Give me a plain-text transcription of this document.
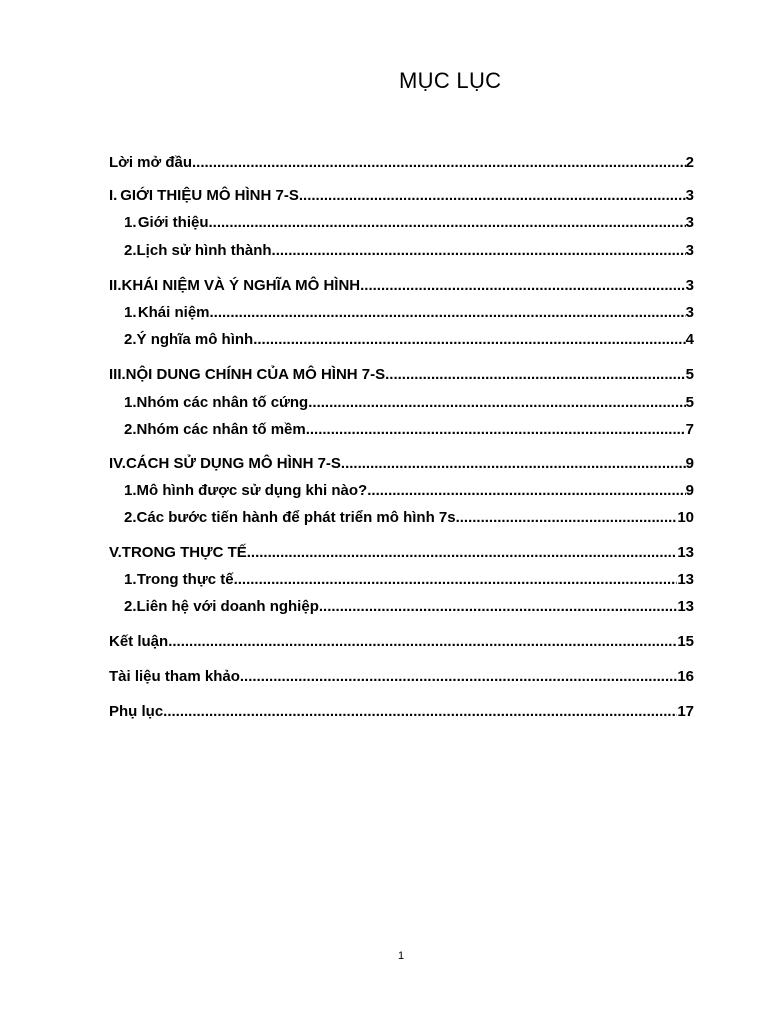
MỤC LỤC
Lời mở đầu .....	2
I. GIỚI THIỆU MÔ HÌNH 7-S .....	3
1. Giới thiệu .....	3
2. Lịch sử hình thành .....	3
II. KHÁI NIỆM VÀ Ý NGHĨA MÔ HÌNH .....	3
1. Khái niệm .....	3
2. Ý nghĩa mô hình .....	4
III. NỘI DUNG CHÍNH CỦA MÔ HÌNH 7-S .....	5
1. Nhóm các nhân tố cứng .....	5
2. Nhóm các nhân tố mềm .....	7
IV. CÁCH SỬ DỤNG MÔ HÌNH 7-S .....	9
1. Mô hình được sử dụng khi nào? .....	9
2. Các bước tiến hành để phát triển mô hình 7s .....	10
V. TRONG THỰC TẾ .....	13
1. Trong thực tế .....	13
2. Liên hệ với doanh nghiệp .....	13
Kết luận .....	15
Tài liệu tham khảo .....	16
Phụ lục .....	17
1
